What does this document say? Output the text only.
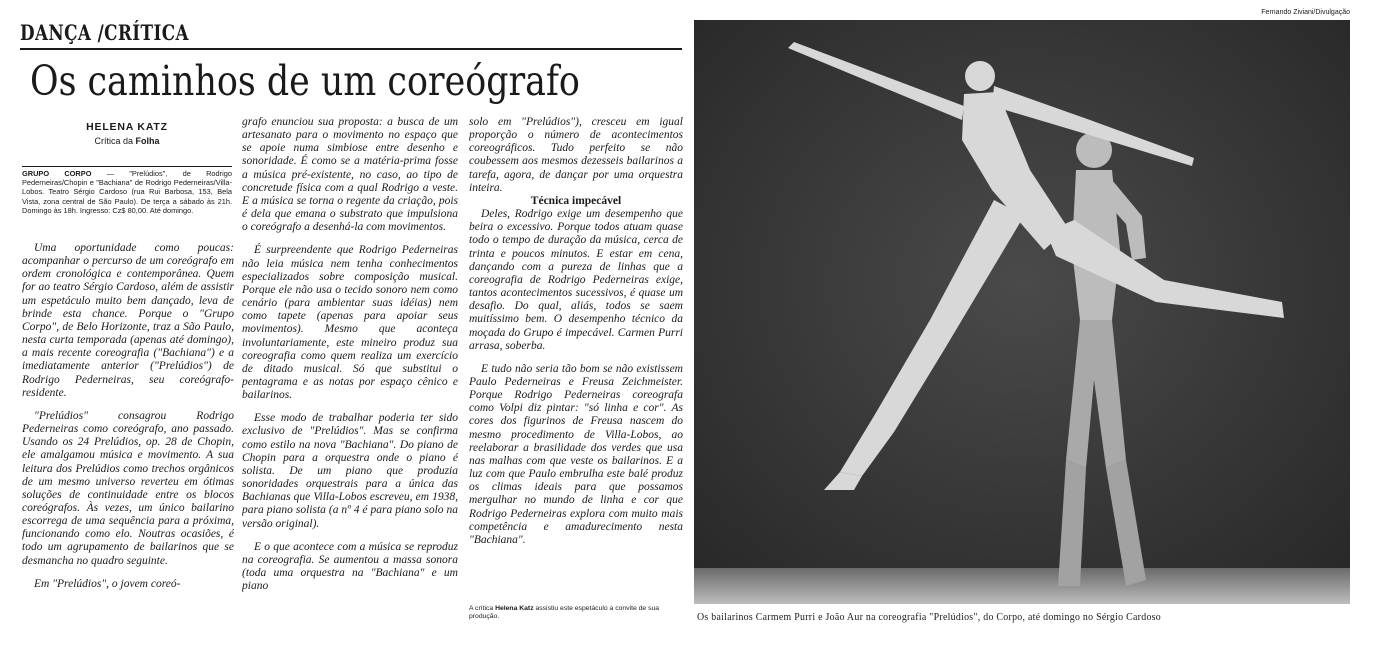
DANÇA /CRÍTICA
Os caminhos de um coreógrafo
HELENA KATZ
Crítica da Folha
GRUPO CORPO — "Prelúdios", de Rodrigo Pederneiras/Chopin e "Bachiana" de Rodrigo Pederneiras/Villa-Lobos. Teatro Sérgio Cardoso (rua Rui Barbosa, 153, Bela Vista, zona central de São Paulo). De terça a sábado às 21h. Domingo às 18h. Ingresso: Cz$ 80,00. Até domingo.

Uma oportunidade como poucas: acompanhar o percurso de um coreógrafo em ordem cronológica e contemporânea. Quem for ao teatro Sérgio Cardoso, além de assistir um espetáculo muito bem dançado, leva de brinde esta chance. Porque o "Grupo Corpo", de Belo Horizonte, traz a São Paulo, nesta curta temporada (apenas até domingo), a mais recente coreografia ("Bachiana") e a imediatamente anterior ("Prelúdios") de Rodrigo Pederneiras, seu coreógrafo-residente.

"Prelúdios" consagrou Rodrigo Pederneiras como coreógrafo, ano passado. Usando os 24 Prelúdios, op. 28 de Chopin, ele amalgamou música e movimento. A sua leitura dos Prelúdios como trechos orgânicos de um mesmo universo reverteu em ótimas soluções de continuidade entre os blocos coreógrafos. Às vezes, um único bailarino escorrega de uma sequência para a próxima, funcionando como elo. Noutras ocasiões, é todo um agrupamento de bailarinos que se desmancha no quadro seguinte.

Em "Prelúdios", o jovem coreó-

grafo enunciou sua proposta: a busca de um artesanato para o movimento no espaço que se apoie numa simbiose entre desenho e sonoridade. É como se a matéria-prima fosse a música pré-existente, no caso, ao tipo de concretude física com a qual Rodrigo a veste. E a música se torna o regente da criação, pois é dela que emana o substrato que impulsiona o coreógrafo a desenhá-la com movimentos.

É surpreendente que Rodrigo Pederneiras não leia música nem tenha conhecimentos especializados sobre composição musical. Porque ele não usa o tecido sonoro nem como cenário (para ambientar suas idéias) nem como tapete (apenas para apoiar seus movimentos). Mesmo que aconteça involuntariamente, este mineiro produz sua coreografia como quem realiza um exercício de ditado musical. Só que substitui o pentagrama e as notas por espaço cênico e bailarinos.

Esse modo de trabalhar poderia ter sido exclusivo de "Prelúdios". Mas se confirma como estilo na nova "Bachiana". Do piano de Chopin para a orquestra onde o piano é solista. De um piano que produzia sonoridades orquestrais para a única das Bachianas que Villa-Lobos escreveu, em 1938, para piano solista (a nº 4 é para piano solo na versão original).

E o que acontece com a música se reproduz na coreografia. Se aumentou a massa sonora (toda uma orquestra na "Bachiana" e um piano

solo em "Prelúdios"), cresceu em igual proporção o número de acontecimentos coreográficos. Tudo perfeito se não coubessem aos mesmos dezesseis bailarinos a tarefa, agora, de dançar por uma orquestra inteira.

Técnica impecável

Deles, Rodrigo exige um desempenho que beira o excessivo. Porque todos atuam quase todo o tempo de duração da música, cerca de trinta e poucos minutos. E estar em cena, dançando com a pureza de linhas que a coreografia de Rodrigo Pederneiras exige, tantos acontecimentos sucessivos, é quase um desafio. Do qual, aliás, todos se saem muitíssimo bem. O desempenho técnico da moçada do Grupo é impecável. Carmen Purri arrasa, soberba.

E tudo não seria tão bom se não existissem Paulo Pederneiras e Freusa Zeichmeister. Porque Rodrigo Pederneiras coreografa como Volpi diz pintar: "só linha e cor". As cores dos figurinos de Freusa nascem do mesmo procedimento de Villa-Lobos, ao reelaborar a brasilidade dos verdes que usa nas malhas com que veste os bailarinos. E a luz com que Paulo embrulha este balé produz os climas ideais para que possamos mergulhar no mundo de linha e cor que Rodrigo Pederneiras explora com muito mais competência e amadurecimento nesta "Bachiana".

A crítica Helena Katz assistiu este espetáculo a convite de sua produção.
Fernando Ziviani/Divulgação
Os bailarinos Carmem Purri e João Aur na coreografia "Prelúdios", do Corpo, até domingo no Sérgio Cardoso
